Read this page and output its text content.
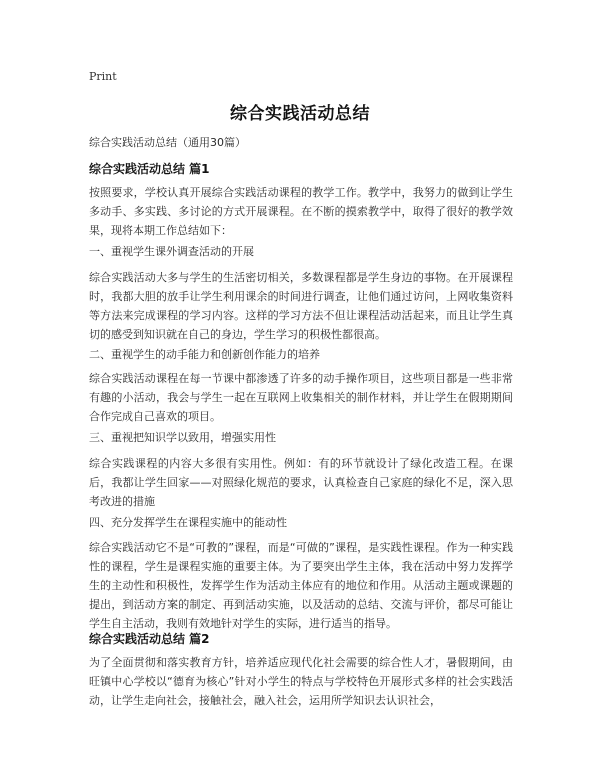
Print
综合实践活动总结
综合实践活动总结（通用30篇）
综合实践活动总结 篇1
按照要求，学校认真开展综合实践活动课程的教学工作。教学中，我努力的做到让学生多动手、多实践、多讨论的方式开展课程。在不断的摸索教学中，取得了很好的教学效果，现将本期工作总结如下：
一、重视学生课外调查活动的开展
综合实践活动大多与学生的生活密切相关，多数课程都是学生身边的事物。在开展课程时，我都大胆的放手让学生利用课余的时间进行调查，让他们通过访问，上网收集资料等方法来完成课程的学习内容。这样的学习方法不但让课程活动活起来，而且让学生真切的感受到知识就在自己的身边，学生学习的积极性都很高。
二、重视学生的动手能力和创新创作能力的培养
综合实践活动课程在每一节课中都渗透了许多的动手操作项目，这些项目都是一些非常有趣的小活动，我会与学生一起在互联网上收集相关的制作材料，并让学生在假期期间合作完成自己喜欢的项目。
三、重视把知识学以致用，增强实用性
综合实践课程的内容大多很有实用性。例如：有的环节就设计了绿化改造工程。在课后，我都让学生回家——对照绿化规范的要求，认真检查自己家庭的绿化不足，深入思考改进的措施
四、充分发挥学生在课程实施中的能动性
综合实践活动它不是“可教的”课程，而是“可做的”课程，是实践性课程。作为一种实践性的课程，学生是课程实施的重要主体。为了要突出学生主体，我在活动中努力发挥学生的主动性和积极性，发挥学生作为活动主体应有的地位和作用。从活动主题或课题的提出，到活动方案的制定、再到活动实施，以及活动的总结、交流与评价，都尽可能让学生自主活动，我则有效地针对学生的实际，进行适当的指导。
综合实践活动总结 篇2
为了全面贯彻和落实教育方针，培养适应现代化社会需要的综合性人才，暑假期间，由旺镇中心学校以“德育为核心”针对小学生的特点与学校特色开展形式多样的社会实践活动，让学生走向社会，接触社会，融入社会，运用所学知识去认识社会，
